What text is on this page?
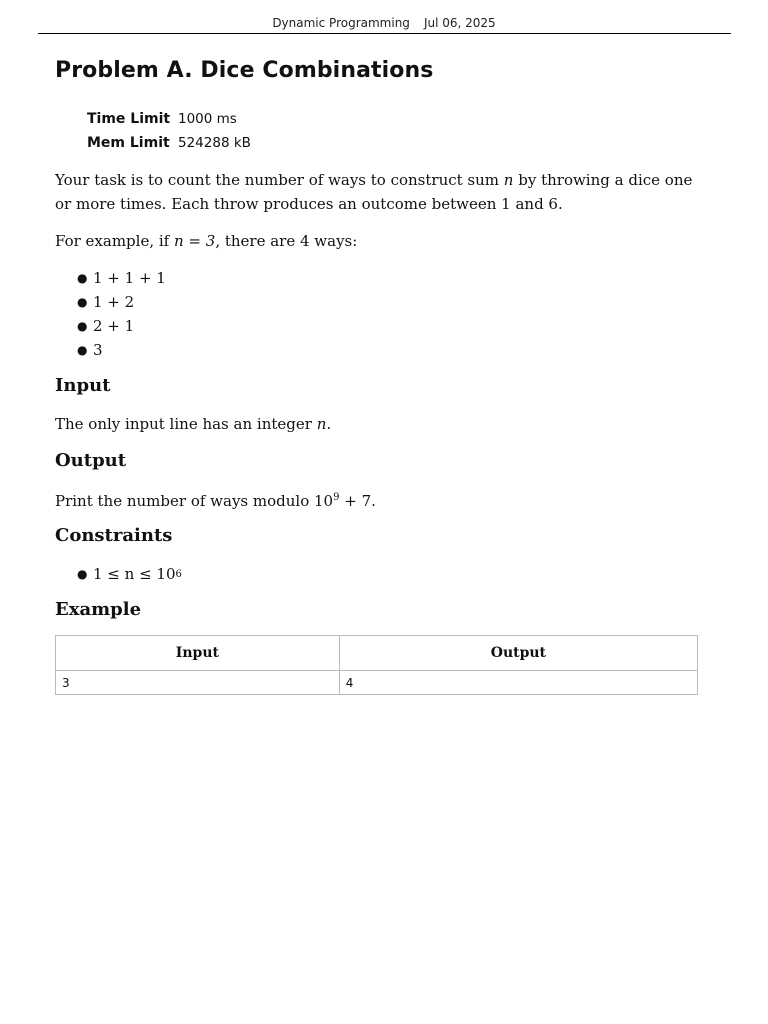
Dynamic Programming Jul 06, 2025
Problem A. Dice Combinations
Time Limit 1000 ms
Mem Limit 524288 kB
Your task is to count the number of ways to construct sum n by throwing a dice one or more times. Each throw produces an outcome between 1 and 6.
For example, if n = 3, there are 4 ways:
● 1 + 1 + 1
● 1 + 2
● 2 + 1
● 3
Input
The only input line has an integer n.
Output
Print the number of ways modulo $10^9 + 7$.
Constraints
● 1 ≤ n ≤ 10 6
Example
Input	Output
3	4
